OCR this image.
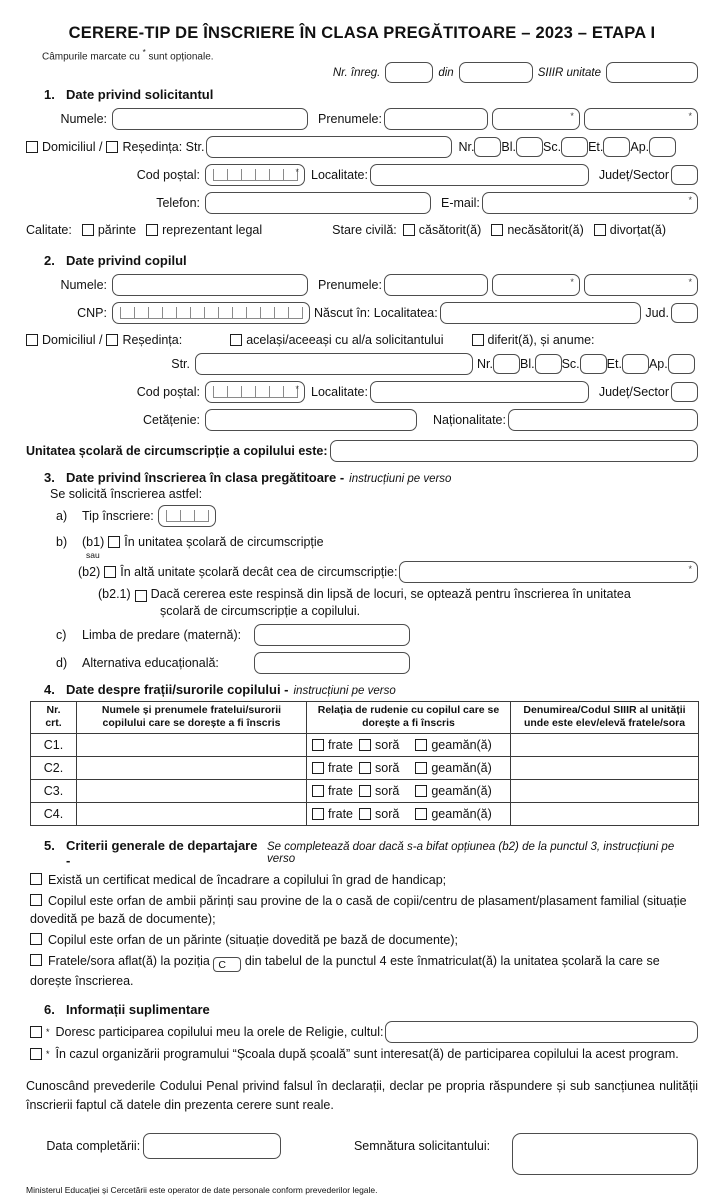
CERERE-TIP DE ÎNSCRIERE ÎN CLASA PREGĂTITOARE – 2023 – ETAPA I
Câmpurile marcate cu * sunt opționale.
Nr. înreg.	din	SIIIR unitate
1. Date privind solicitantul
Numele:	Prenumele:	*	*
Domiciliul / Reședința: Str.	Nr. Bl. Sc. Et. Ap.
Cod poștal:	* Localitate:	Județ/Sector
Telefon:	E-mail:	*
Calitate: părinte reprezentant legal	Stare civilă: căsătorit(ă) necăsătorit(ă) divorțat(ă)
2. Date privind copilul
Numele:	Prenumele:	*	*
CNP:	Născut în: Localitatea:	Jud.
Domiciliul / Reședința:	același/aceeași cu al/a solicitantului	diferit(ă), și anume:
Str.	Nr. Bl. Sc. Et. Ap.
Cod poștal:	* Localitate:	Județ/Sector
Cetățenie:	Naționalitate:
Unitatea școlară de circumscripție a copilului este:
3. Date privind înscrierea în clasa pregătitoare - instrucțiuni pe verso
Se solicită înscrierea astfel:
a)	Tip înscriere:
b)	(b1) În unitatea școlară de circumscripție
sau
(b2) În altă unitate școlară decât cea de circumscripție:	*
(b2.1) Dacă cererea este respinsă din lipsă de locuri, se optează pentru înscrierea în unitatea
școlară de circumscripție a copilului.
c)	Limba de predare (maternă):
d)	Alternativa educațională:
4. Date despre frații/surorile copilului - instrucțiuni pe verso
Nr. crt.	Numele și prenumele fratelui/surorii copilului care se dorește a fi înscris	Relația de rudenie cu copilul care se dorește a fi înscris	Denumirea/Codul SIIIR al unității unde este elev/elevă fratele/sora
C1.		frate soră geamăn(ă)	

C2.		frate soră geamăn(ă)	

C3.		frate soră geamăn(ă)	

C4.		frate soră geamăn(ă)	

5. Criterii generale de departajare -
Se completează doar dacă s-a bifat opțiunea (b2) de la punctul 3, instrucțiuni pe verso
Există un certificat medical de încadrare a copilului în grad de handicap;
Copilul este orfan de ambii părinți sau provine de la o casă de copii/centru de plasament/plasament familial (situație dovedită pe bază de documente);
Copilul este orfan de un părinte (situație dovedită pe bază de documente);
Fratele/sora aflat(ă) la poziția C din tabelul de la punctul 4 este înmatriculat(ă) la unitatea școlară la care se dorește înscrierea.
6. Informații suplimentare
* Doresc participarea copilului meu la orele de Religie, cultul:
* În cazul organizării programului “Școala după școală” sunt interesat(ă) de participarea copilului la acest program.
Cunoscând prevederile Codului Penal privind falsul în declarații, declar pe propria răspundere și sub sancțiunea nulității înscrierii faptul că datele din prezenta cerere sunt reale.
Data completării:	Semnătura solicitantului:
Ministerul Educației și Cercetării este operator de date personale conform prevederilor legale.
